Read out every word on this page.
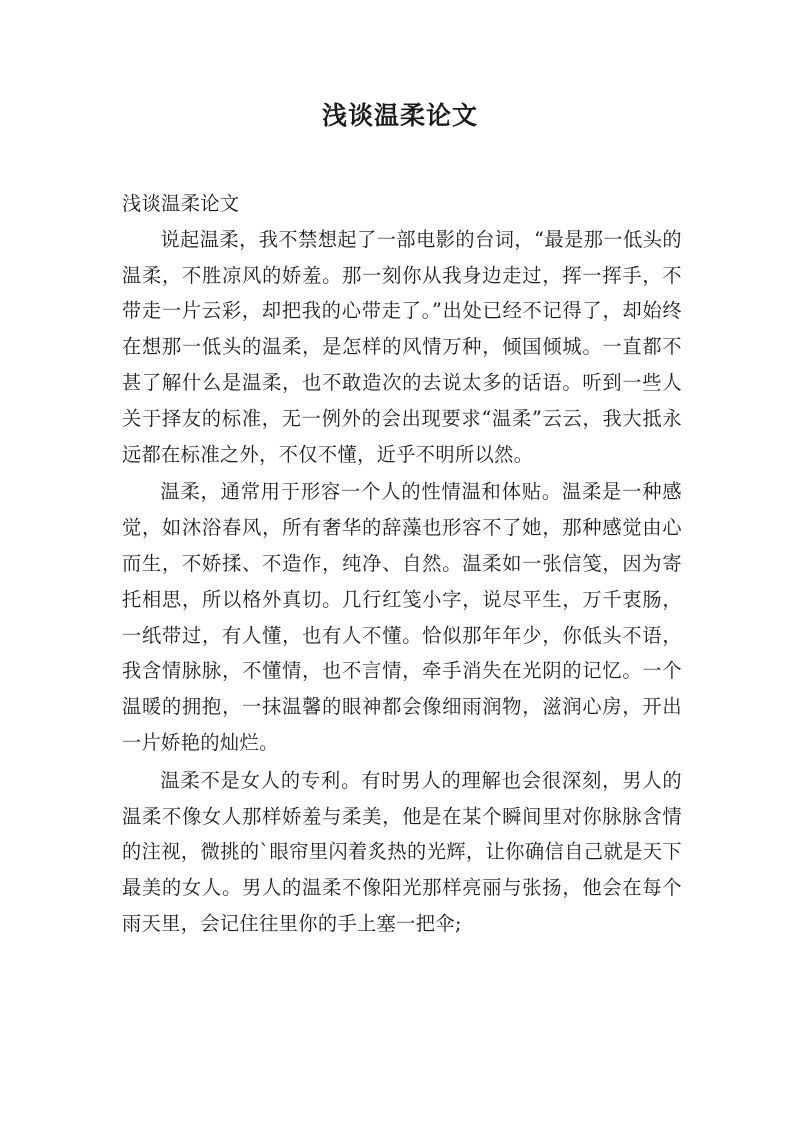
浅谈温柔论文

浅谈温柔论文

说起温柔，我不禁想起了一部电影的台词，“最是那一低头的温柔，不胜凉风的娇羞。那一刻你从我身边走过，挥一挥手，不带走一片云彩，却把我的心带走了。”出处已经不记得了，却始终在想那一低头的温柔，是怎样的风情万种，倾国倾城。一直都不甚了解什么是温柔，也不敢造次的去说太多的话语。听到一些人关于择友的标准，无一例外的会出现要求“温柔”云云，我大抵永远都在标准之外，不仅不懂，近乎不明所以然。

温柔，通常用于形容一个人的性情温和体贴。温柔是一种感觉，如沐浴春风，所有奢华的辞藻也形容不了她，那种感觉由心而生，不娇揉、不造作，纯净、自然。温柔如一张信笺，因为寄托相思，所以格外真切。几行红笺小字，说尽平生，万千衷肠，一纸带过，有人懂，也有人不懂。恰似那年年少，你低头不语，我含情脉脉，不懂情，也不言情，牵手消失在光阴的记忆。一个温暖的拥抱，一抹温馨的眼神都会像细雨润物，滋润心房，开出一片娇艳的灿烂。

温柔不是女人的专利。有时男人的理解也会很深刻，男人的温柔不像女人那样娇羞与柔美，他是在某个瞬间里对你脉脉含情的注视，微挑的`眼帘里闪着炙热的光辉，让你确信自己就是天下最美的女人。男人的温柔不像阳光那样亮丽与张扬，他会在每个雨天里，会记住往里你的手上塞一把伞;
